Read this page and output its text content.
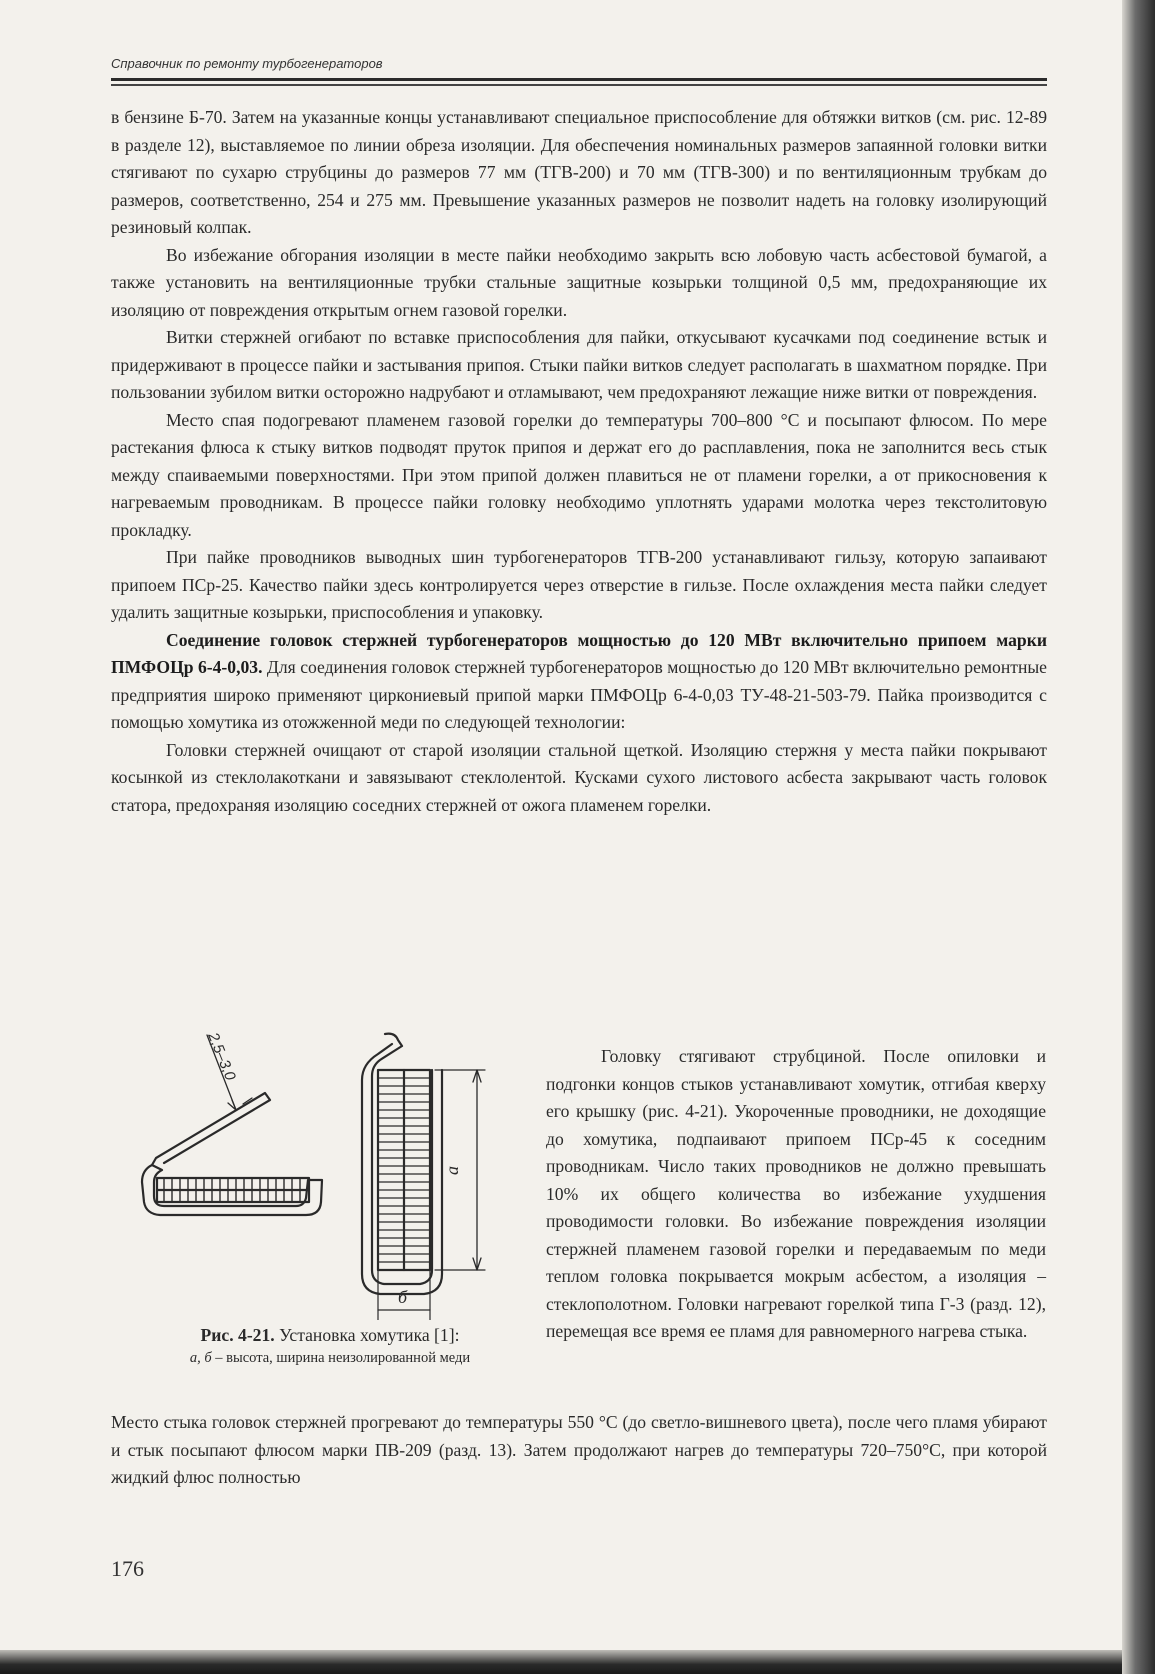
Справочник по ремонту турбогенераторов

в бензине Б-70. Затем на указанные концы устанавливают специальное приспособление для обтяжки витков (см. рис. 12-89 в разделе 12), выставляемое по линии обреза изоляции. Для обеспечения номинальных размеров запаянной головки витки стягивают по сухарю струбцины до размеров 77 мм (ТГВ-200) и 70 мм (ТГВ-300) и по вентиляционным трубкам до размеров, соответственно, 254 и 275 мм. Превышение указанных размеров не позволит надеть на головку изолирующий резиновый колпак.

Во избежание обгорания изоляции в месте пайки необходимо закрыть всю лобовую часть асбестовой бумагой, а также установить на вентиляционные трубки стальные защитные козырьки толщиной 0,5 мм, предохраняющие их изоляцию от повреждения открытым огнем газовой горелки.

Витки стержней огибают по вставке приспособления для пайки, откусывают кусачками под соединение встык и придерживают в процессе пайки и застывания припоя. Стыки пайки витков следует располагать в шахматном порядке. При пользовании зубилом витки осторожно надрубают и отламывают, чем предохраняют лежащие ниже витки от повреждения.

Место спая подогревают пламенем газовой горелки до температуры 700–800 °С и посыпают флюсом. По мере растекания флюса к стыку витков подводят пруток припоя и держат его до расплавления, пока не заполнится весь стык между спаиваемыми поверхностями. При этом припой должен плавиться не от пламени горелки, а от прикосновения к нагреваемым проводникам. В процессе пайки головку необходимо уплотнять ударами молотка через текстолитовую прокладку.

При пайке проводников выводных шин турбогенераторов ТГВ-200 устанавливают гильзу, которую запаивают припоем ПСр-25. Качество пайки здесь контролируется через отверстие в гильзе. После охлаждения места пайки следует удалить защитные козырьки, приспособления и упаковку.

Соединение головок стержней турбогенераторов мощностью до 120 МВт включительно припоем марки ПМФОЦр 6-4-0,03. Для соединения головок стержней турбогенераторов мощностью до 120 МВт включительно ремонтные предприятия широко применяют циркониевый припой марки ПМФОЦр 6-4-0,03 ТУ-48-21-503-79. Пайка производится с помощью хомутика из отожженной меди по следующей технологии:

Головки стержней очищают от старой изоляции стальной щеткой. Изоляцию стержня у места пайки покрывают косынкой из стеклолакоткани и завязывают стеклолентой. Кусками сухого листового асбеста закрывают часть головок статора, предохраняя изоляцию соседних стержней от ожога пламенем горелки.

2,5–3,0
а
б
Рис. 4-21. Установка хомутика [1]:
а, б – высота, ширина неизолированной меди

Головку стягивают струбциной. После опиловки и подгонки концов стыков устанавливают хомутик, отгибая кверху его крышку (рис. 4-21). Укороченные проводники, не доходящие до хомутика, подпаивают припоем ПСр-45 к соседним проводникам. Число таких проводников не должно превышать 10% их общего количества во избежание ухудшения проводимости головки. Во избежание повреждения изоляции стержней пламенем газовой горелки и передаваемым по меди теплом головка покрывается мокрым асбестом, а изоляция – стеклополотном. Головки нагревают горелкой типа Г-3 (разд. 12), перемещая все время ее пламя для равномерного нагрева стыка.

Место стыка головок стержней прогревают до температуры 550 °С (до светло-вишневого цвета), после чего пламя убирают и стык посыпают флюсом марки ПВ-209 (разд. 13). Затем продолжают нагрев до температуры 720–750°С, при которой жидкий флюс полностью

176
